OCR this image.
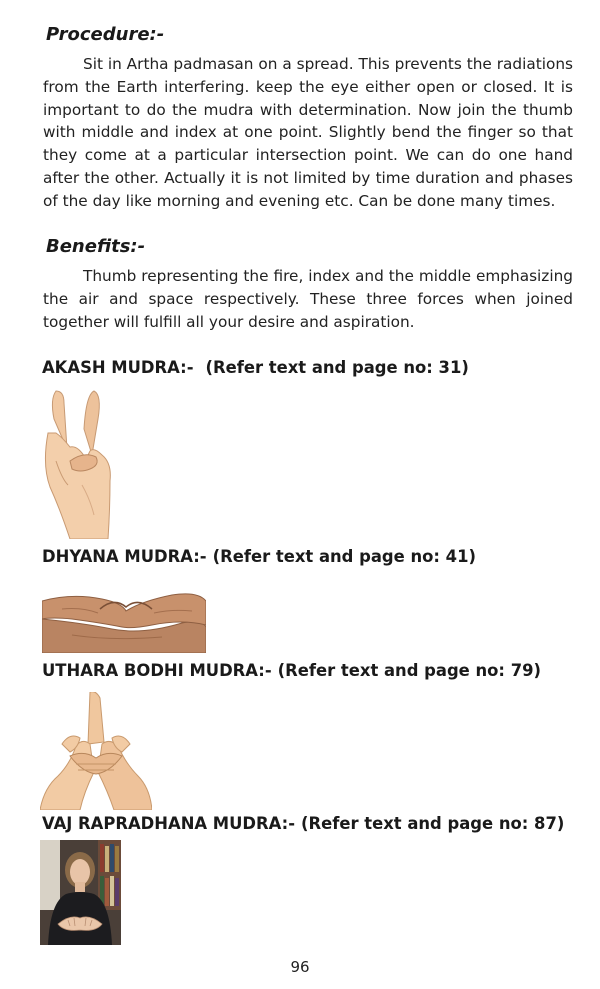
Procedure:-

Sit in Artha padmasan on a spread. This prevents the radiations from the Earth interfering. keep the eye either open or closed. It is important to do the mudra with determination. Now join the thumb with middle and index at one point. Slightly bend the finger so that they come at a particular intersection point. We can do one hand after the other. Actually it is not limited by time duration and phases of the day like morning and evening etc. Can be done many times.

Benefits:-

Thumb representing the fire, index and the middle emphasizing the air and space respectively. These three forces when joined together will fulfill all your desire and aspiration.

AKASH MUDRA:- (Refer text and page no: 31)
DHYANA MUDRA:- (Refer text and page no: 41)
UTHARA BODHI MUDRA:- (Refer text and page no: 79)
VAJ RAPRADHANA MUDRA:- (Refer text and page no: 87)
96
